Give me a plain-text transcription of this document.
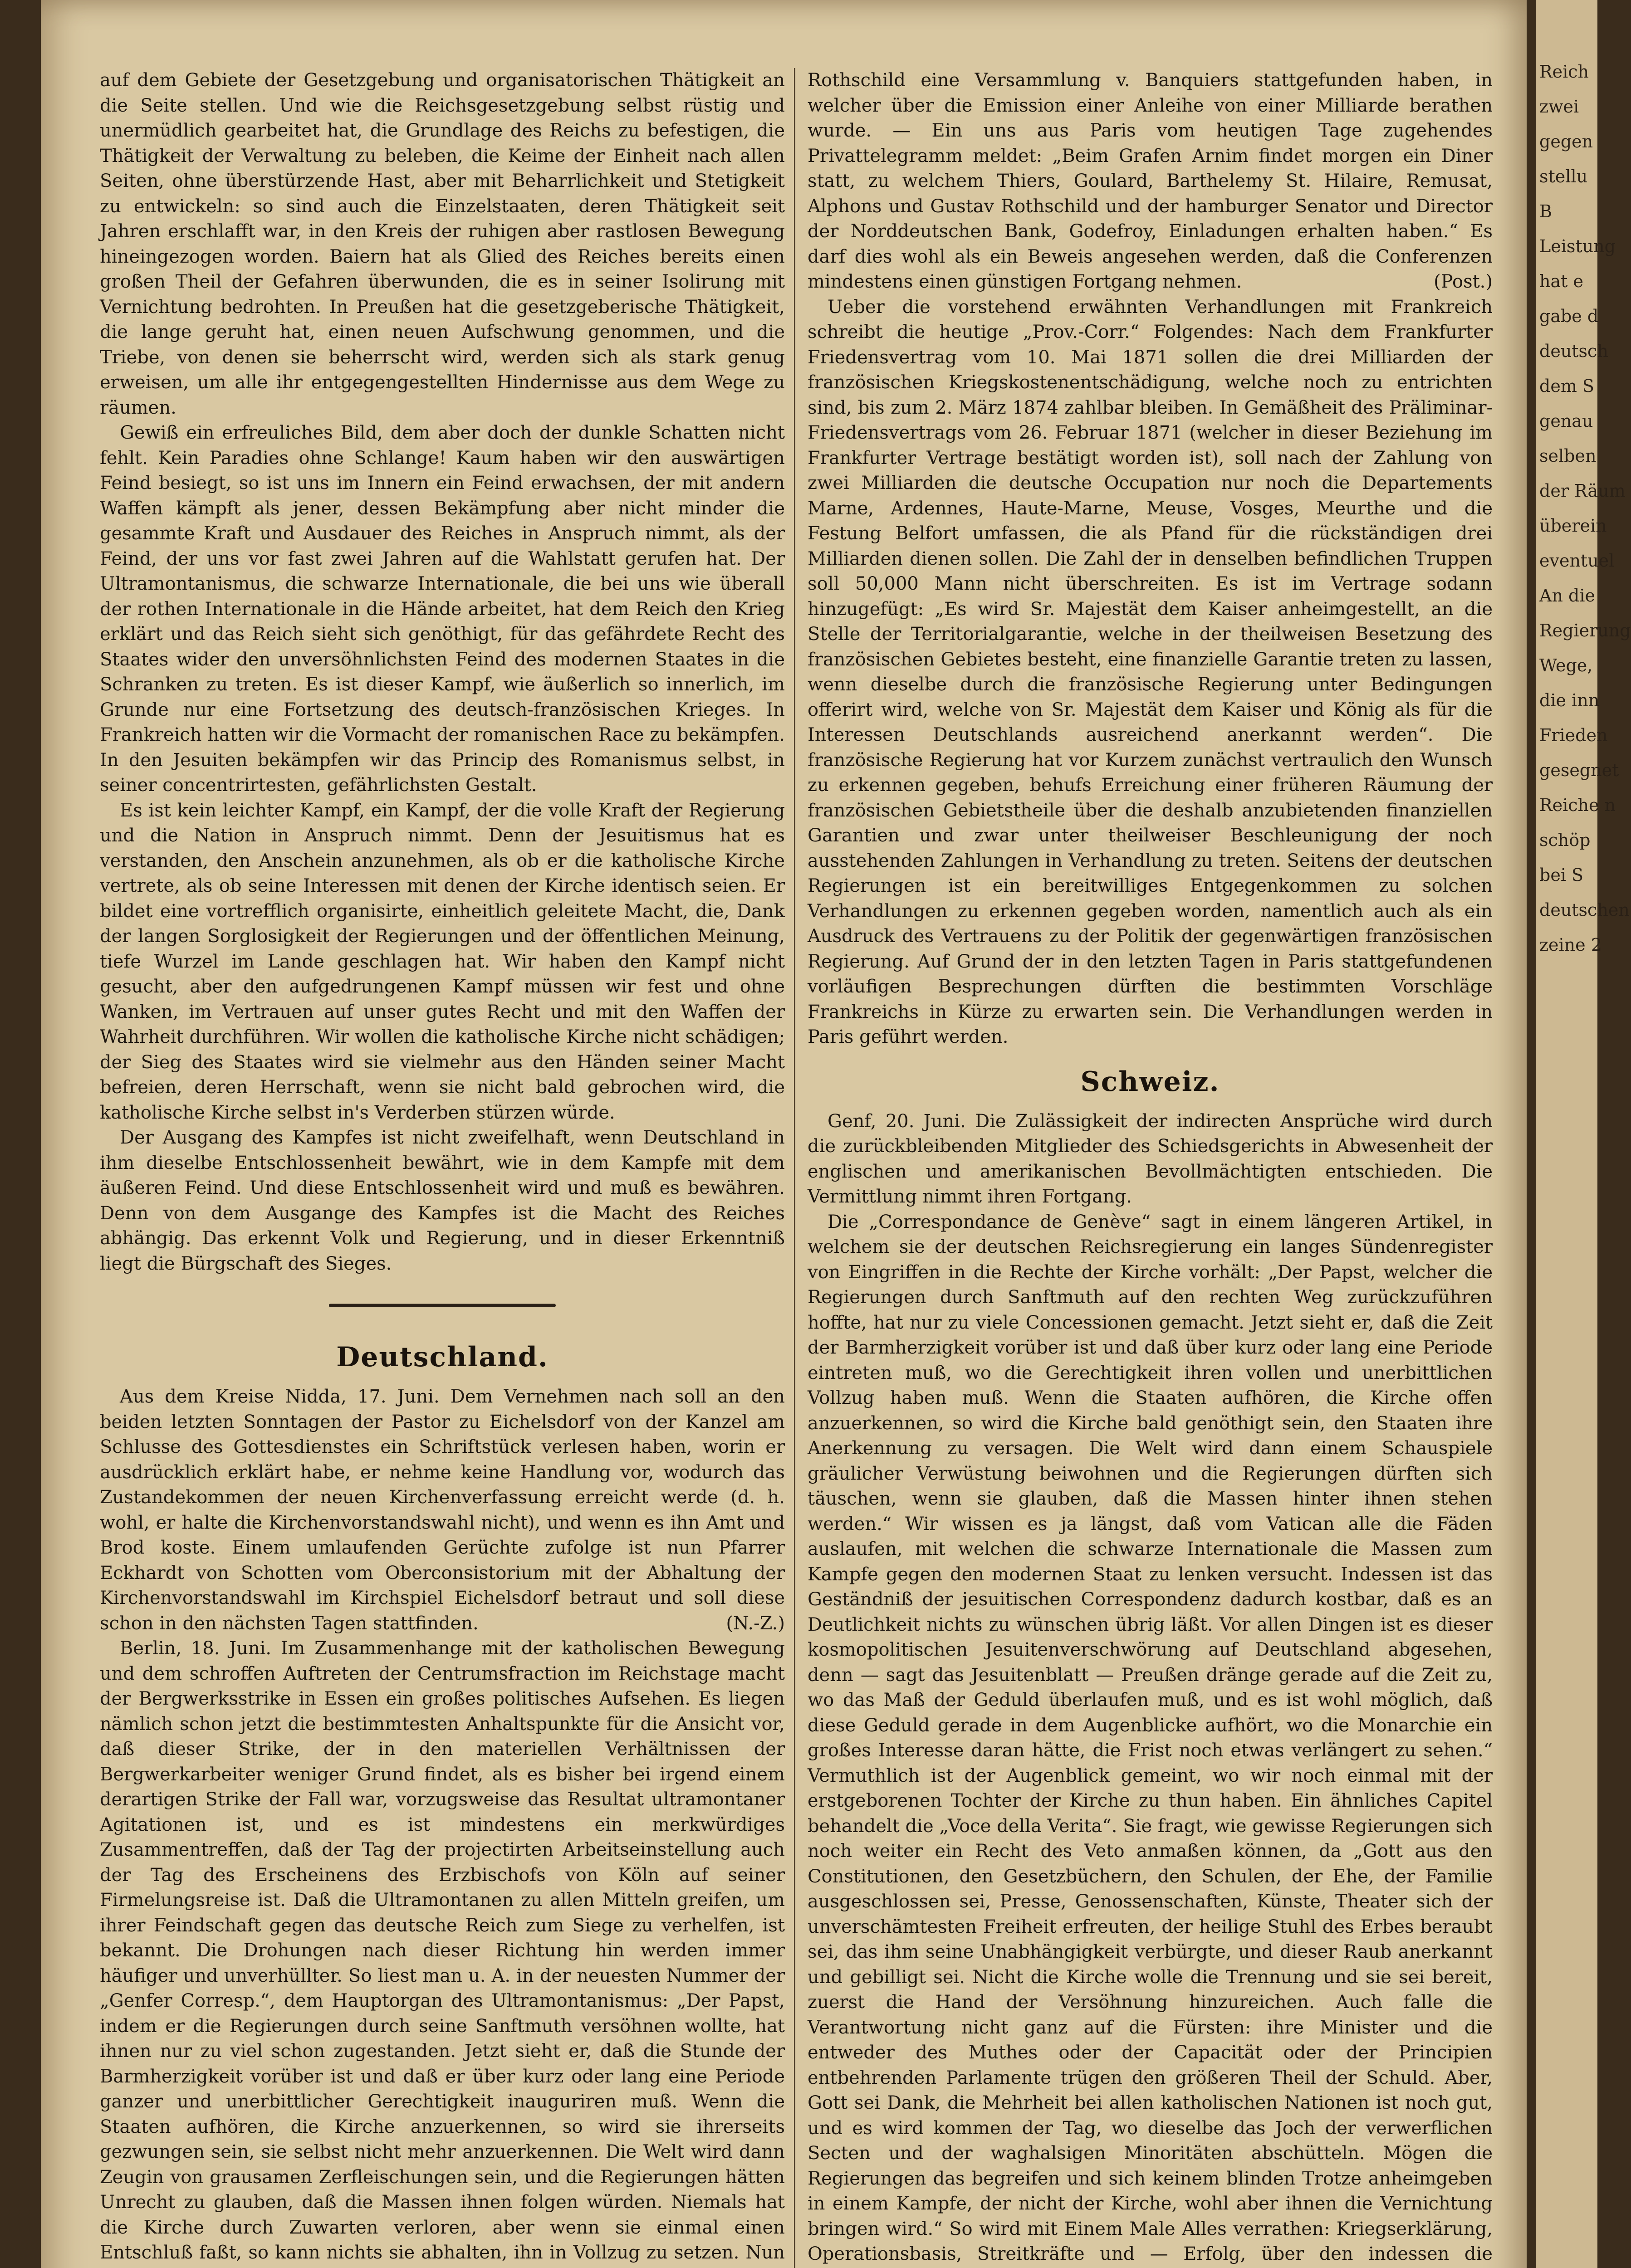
auf dem Gebiete der Gesetzgebung und organisatorischen Thätigkeit an die Seite stellen. Und wie die Reichsgesetzgebung selbst rüstig und unermüdlich gearbeitet hat, die Grundlage des Reichs zu befestigen, die Thätigkeit der Verwaltung zu beleben, die Keime der Einheit nach allen Seiten, ohne überstürzende Hast, aber mit Beharrlichkeit und Stetigkeit zu entwickeln: so sind auch die Einzelstaaten, deren Thätigkeit seit Jahren erschlafft war, in den Kreis der ruhigen aber rastlosen Bewegung hineingezogen worden. Baiern hat als Glied des Reiches bereits einen großen Theil der Gefahren überwunden, die es in seiner Isolirung mit Vernichtung bedrohten. In Preußen hat die gesetzgeberische Thätigkeit, die lange geruht hat, einen neuen Aufschwung genommen, und die Triebe, von denen sie beherrscht wird, werden sich als stark genug erweisen, um alle ihr entgegengestellten Hindernisse aus dem Wege zu räumen.

Gewiß ein erfreuliches Bild, dem aber doch der dunkle Schatten nicht fehlt. Kein Paradies ohne Schlange! Kaum haben wir den auswärtigen Feind besiegt, so ist uns im Innern ein Feind erwachsen, der mit andern Waffen kämpft als jener, dessen Bekämpfung aber nicht minder die gesammte Kraft und Ausdauer des Reiches in Anspruch nimmt, als der Feind, der uns vor fast zwei Jahren auf die Wahlstatt gerufen hat. Der Ultramontanismus, die schwarze Internationale, die bei uns wie überall der rothen Internationale in die Hände arbeitet, hat dem Reich den Krieg erklärt und das Reich sieht sich genöthigt, für das gefährdete Recht des Staates wider den unversöhnlichsten Feind des modernen Staates in die Schranken zu treten. Es ist dieser Kampf, wie äußerlich so innerlich, im Grunde nur eine Fortsetzung des deutsch-französischen Krieges. In Frankreich hatten wir die Vormacht der romanischen Race zu bekämpfen. In den Jesuiten bekämpfen wir das Princip des Romanismus selbst, in seiner concentrirtesten, gefährlichsten Gestalt.

Es ist kein leichter Kampf, ein Kampf, der die volle Kraft der Regierung und die Nation in Anspruch nimmt. Denn der Jesuitismus hat es verstanden, den Anschein anzunehmen, als ob er die katholische Kirche vertrete, als ob seine Interessen mit denen der Kirche identisch seien. Er bildet eine vortrefflich organisirte, einheitlich geleitete Macht, die, Dank der langen Sorglosigkeit der Regierungen und der öffentlichen Meinung, tiefe Wurzel im Lande geschlagen hat. Wir haben den Kampf nicht gesucht, aber den aufgedrungenen Kampf müssen wir fest und ohne Wanken, im Vertrauen auf unser gutes Recht und mit den Waffen der Wahrheit durchführen. Wir wollen die katholische Kirche nicht schädigen; der Sieg des Staates wird sie vielmehr aus den Händen seiner Macht befreien, deren Herrschaft, wenn sie nicht bald gebrochen wird, die katholische Kirche selbst in's Verderben stürzen würde.

Der Ausgang des Kampfes ist nicht zweifelhaft, wenn Deutschland in ihm dieselbe Entschlossenheit bewährt, wie in dem Kampfe mit dem äußeren Feind. Und diese Entschlossenheit wird und muß es bewähren. Denn von dem Ausgange des Kampfes ist die Macht des Reiches abhängig. Das erkennt Volk und Regierung, und in dieser Erkenntniß liegt die Bürgschaft des Sieges.

Deutschland.

Aus dem Kreise Nidda, 17. Juni. Dem Vernehmen nach soll an den beiden letzten Sonntagen der Pastor zu Eichelsdorf von der Kanzel am Schlusse des Gottesdienstes ein Schriftstück verlesen haben, worin er ausdrücklich erklärt habe, er nehme keine Handlung vor, wodurch das Zustandekommen der neuen Kirchenverfassung erreicht werde (d. h. wohl, er halte die Kirchenvorstandswahl nicht), und wenn es ihn Amt und Brod koste. Einem umlaufenden Gerüchte zufolge ist nun Pfarrer Eckhardt von Schotten vom Oberconsistorium mit der Abhaltung der Kirchenvorstandswahl im Kirchspiel Eichelsdorf betraut und soll diese schon in den nächsten Tagen stattfinden.	(N.-Z.)

Berlin, 18. Juni. Im Zusammenhange mit der katholischen Bewegung und dem schroffen Auftreten der Centrumsfraction im Reichstage macht der Bergwerksstrike in Essen ein großes politisches Aufsehen. Es liegen nämlich schon jetzt die bestimmtesten Anhaltspunkte für die Ansicht vor, daß dieser Strike, der in den materiellen Verhältnissen der Bergwerkarbeiter weniger Grund findet, als es bisher bei irgend einem derartigen Strike der Fall war, vorzugsweise das Resultat ultramontaner Agitationen ist, und es ist mindestens ein merkwürdiges Zusammentreffen, daß der Tag der projectirten Arbeitseinstellung auch der Tag des Erscheinens des Erzbischofs von Köln auf seiner Firmelungsreise ist. Daß die Ultramontanen zu allen Mitteln greifen, um ihrer Feindschaft gegen das deutsche Reich zum Siege zu verhelfen, ist bekannt. Die Drohungen nach dieser Richtung hin werden immer häufiger und unverhüllter. So liest man u. A. in der neuesten Nummer der „Genfer Corresp.“, dem Hauptorgan des Ultramontanismus: „Der Papst, indem er die Regierungen durch seine Sanftmuth versöhnen wollte, hat ihnen nur zu viel schon zugestanden. Jetzt sieht er, daß die Stunde der Barmherzigkeit vorüber ist und daß er über kurz oder lang eine Periode ganzer und unerbittlicher Gerechtigkeit inauguriren muß. Wenn die Staaten aufhören, die Kirche anzuerkennen, so wird sie ihrerseits gezwungen sein, sie selbst nicht mehr anzuerkennen. Die Welt wird dann Zeugin von grausamen Zerfleischungen sein, und die Regierungen hätten Unrecht zu glauben, daß die Massen ihnen folgen würden. Niemals hat die Kirche durch Zuwarten verloren, aber wenn sie einmal einen Entschluß faßt, so kann nichts sie abhalten, ihn in Vollzug zu setzen. Nun

Rothschild eine Versammlung v. Banquiers stattgefunden haben, in welcher über die Emission einer Anleihe von einer Milliarde berathen wurde. — Ein uns aus Paris vom heutigen Tage zugehendes Privattelegramm meldet: „Beim Grafen Arnim findet morgen ein Diner statt, zu welchem Thiers, Goulard, Barthelemy St. Hilaire, Remusat, Alphons und Gustav Rothschild und der hamburger Senator und Director der Norddeutschen Bank, Godefroy, Einladungen erhalten haben.“ Es darf dies wohl als ein Beweis angesehen werden, daß die Conferenzen mindestens einen günstigen Fortgang nehmen.	(Post.)

Ueber die vorstehend erwähnten Verhandlungen mit Frankreich schreibt die heutige „Prov.-Corr.“ Folgendes: Nach dem Frankfurter Friedensvertrag vom 10. Mai 1871 sollen die drei Milliarden der französischen Kriegskostenentschädigung, welche noch zu entrichten sind, bis zum 2. März 1874 zahlbar bleiben. In Gemäßheit des Präliminar-Friedensvertrags vom 26. Februar 1871 (welcher in dieser Beziehung im Frankfurter Vertrage bestätigt worden ist), soll nach der Zahlung von zwei Milliarden die deutsche Occupation nur noch die Departements Marne, Ardennes, Haute-Marne, Meuse, Vosges, Meurthe und die Festung Belfort umfassen, die als Pfand für die rückständigen drei Milliarden dienen sollen. Die Zahl der in denselben befindlichen Truppen soll 50,000 Mann nicht überschreiten. Es ist im Vertrage sodann hinzugefügt: „Es wird Sr. Majestät dem Kaiser anheimgestellt, an die Stelle der Territorialgarantie, welche in der theilweisen Besetzung des französischen Gebietes besteht, eine finanzielle Garantie treten zu lassen, wenn dieselbe durch die französische Regierung unter Bedingungen offerirt wird, welche von Sr. Majestät dem Kaiser und König als für die Interessen Deutschlands ausreichend anerkannt werden“. Die französische Regierung hat vor Kurzem zunächst vertraulich den Wunsch zu erkennen gegeben, behufs Erreichung einer früheren Räumung der französischen Gebietstheile über die deshalb anzubietenden finanziellen Garantien und zwar unter theilweiser Beschleunigung der noch ausstehenden Zahlungen in Verhandlung zu treten. Seitens der deutschen Regierungen ist ein bereitwilliges Entgegenkommen zu solchen Verhandlungen zu erkennen gegeben worden, namentlich auch als ein Ausdruck des Vertrauens zu der Politik der gegenwärtigen französischen Regierung. Auf Grund der in den letzten Tagen in Paris stattgefundenen vorläufigen Besprechungen dürften die bestimmten Vorschläge Frankreichs in Kürze zu erwarten sein. Die Verhandlungen werden in Paris geführt werden.

Schweiz.

Genf, 20. Juni. Die Zulässigkeit der indirecten Ansprüche wird durch die zurückbleibenden Mitglieder des Schiedsgerichts in Abwesenheit der englischen und amerikanischen Bevollmächtigten entschieden. Die Vermittlung nimmt ihren Fortgang.

Die „Correspondance de Genève“ sagt in einem längeren Artikel, in welchem sie der deutschen Reichsregierung ein langes Sündenregister von Eingriffen in die Rechte der Kirche vorhält: „Der Papst, welcher die Regierungen durch Sanftmuth auf den rechten Weg zurückzuführen hoffte, hat nur zu viele Concessionen gemacht. Jetzt sieht er, daß die Zeit der Barmherzigkeit vorüber ist und daß über kurz oder lang eine Periode eintreten muß, wo die Gerechtigkeit ihren vollen und unerbittlichen Vollzug haben muß. Wenn die Staaten aufhören, die Kirche offen anzuerkennen, so wird die Kirche bald genöthigt sein, den Staaten ihre Anerkennung zu versagen. Die Welt wird dann einem Schauspiele gräulicher Verwüstung beiwohnen und die Regierungen dürften sich täuschen, wenn sie glauben, daß die Massen hinter ihnen stehen werden.“ Wir wissen es ja längst, daß vom Vatican alle die Fäden auslaufen, mit welchen die schwarze Internationale die Massen zum Kampfe gegen den modernen Staat zu lenken versucht. Indessen ist das Geständniß der jesuitischen Correspondenz dadurch kostbar, daß es an Deutlichkeit nichts zu wünschen übrig läßt. Vor allen Dingen ist es dieser kosmopolitischen Jesuitenverschwörung auf Deutschland abgesehen, denn — sagt das Jesuitenblatt — Preußen dränge gerade auf die Zeit zu, wo das Maß der Geduld überlaufen muß, und es ist wohl möglich, daß diese Geduld gerade in dem Augenblicke aufhört, wo die Monarchie ein großes Interesse daran hätte, die Frist noch etwas verlängert zu sehen.“ Vermuthlich ist der Augenblick gemeint, wo wir noch einmal mit der erstgeborenen Tochter der Kirche zu thun haben. Ein ähnliches Capitel behandelt die „Voce della Verita“. Sie fragt, wie gewisse Regierungen sich noch weiter ein Recht des Veto anmaßen können, da „Gott aus den Constitutionen, den Gesetzbüchern, den Schulen, der Ehe, der Familie ausgeschlossen sei, Presse, Genossenschaften, Künste, Theater sich der unverschämtesten Freiheit erfreuten, der heilige Stuhl des Erbes beraubt sei, das ihm seine Unabhängigkeit verbürgte, und dieser Raub anerkannt und gebilligt sei. Nicht die Kirche wolle die Trennung und sie sei bereit, zuerst die Hand der Versöhnung hinzureichen. Auch falle die Verantwortung nicht ganz auf die Fürsten: ihre Minister und die entweder des Muthes oder der Capacität oder der Principien entbehrenden Parlamente trügen den größeren Theil der Schuld. Aber, Gott sei Dank, die Mehrheit bei allen katholischen Nationen ist noch gut, und es wird kommen der Tag, wo dieselbe das Joch der verwerflichen Secten und der waghalsigen Minoritäten abschütteln. Mögen die Regierungen das begreifen und sich keinem blinden Trotze anheimgeben in einem Kampfe, der nicht der Kirche, wohl aber ihnen die Vernichtung bringen wird.“ So wird mit Einem Male Alles verrathen: Kriegserklärung, Operationsbasis, Streitkräfte und — Erfolg, über den indessen die

Reich
zwei
gegen
stellu
B
Leistung
hat e
gabe d
deutsch
dem S
genau
selben
der Räum
überein
eventuel
An die
Regierung
Wege,
die inn
Frieden
gesegnet
Reiche n
schöp
bei S
deutschen
zeine 2
